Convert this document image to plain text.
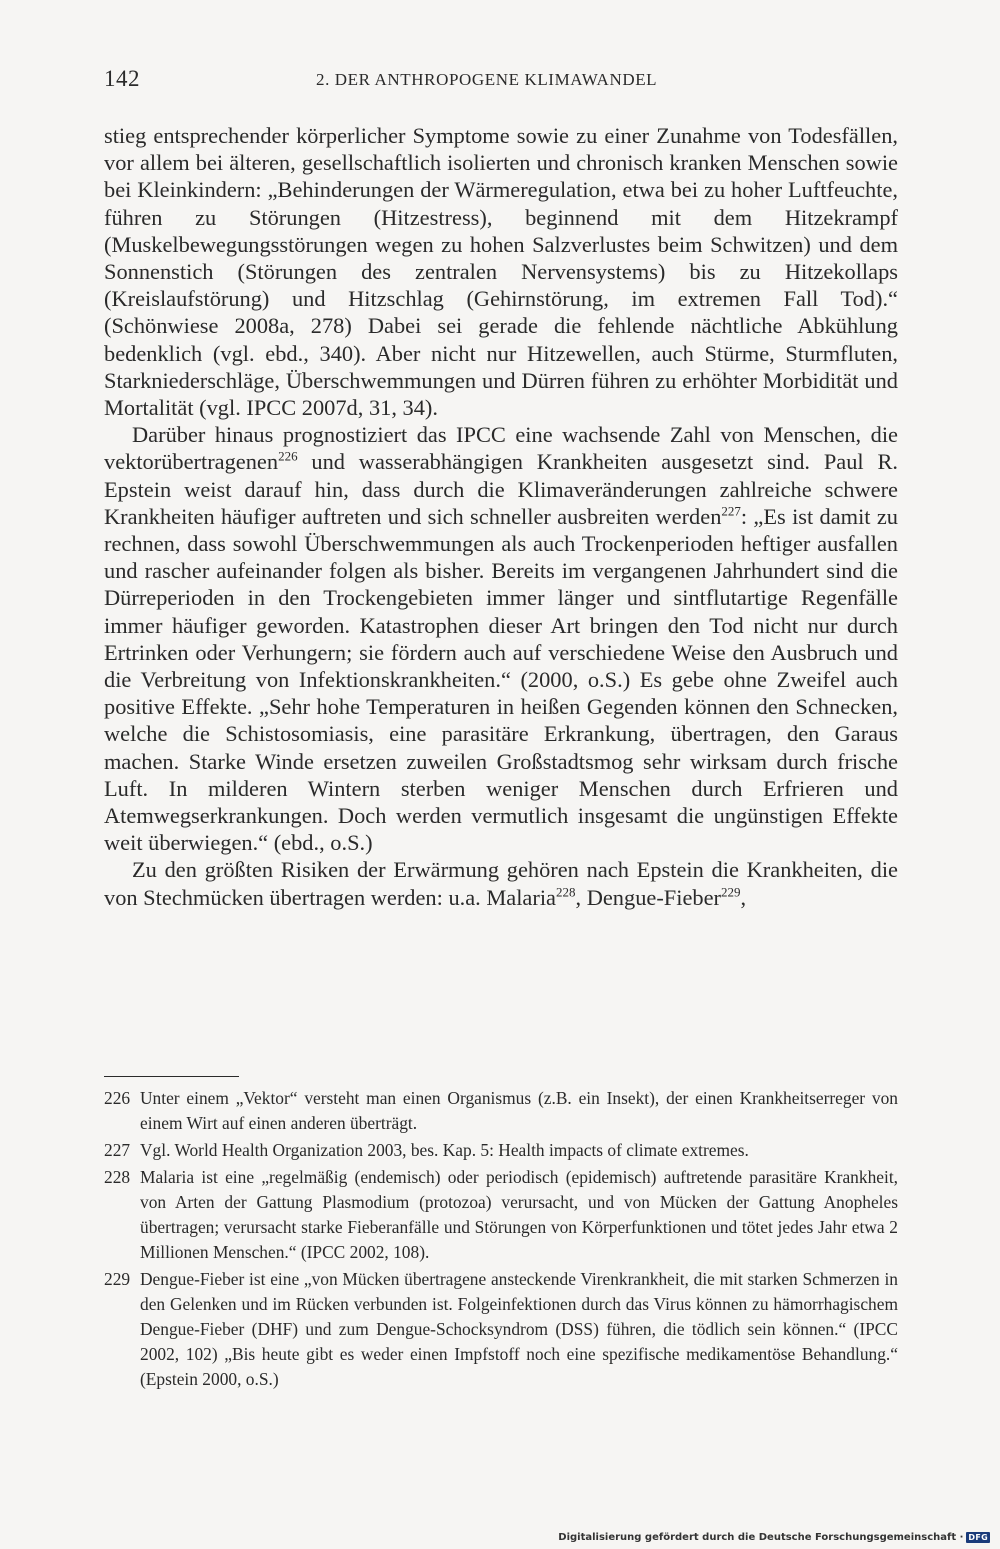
142	2. DER ANTHROPOGENE KLIMAWANDEL

stieg entsprechender körperlicher Symptome sowie zu einer Zunahme von Todesfällen, vor allem bei älteren, gesellschaftlich isolierten und chronisch kranken Menschen sowie bei Kleinkindern: „Behinderungen der Wärmeregulation, etwa bei zu hoher Luftfeuchte, führen zu Störungen (Hitzestress), beginnend mit dem Hitzekrampf (Muskelbewegungsstörungen wegen zu hohen Salzverlustes beim Schwitzen) und dem Sonnenstich (Störungen des zentralen Nervensystems) bis zu Hitzekollaps (Kreislaufstörung) und Hitzschlag (Gehirnstörung, im extremen Fall Tod).“ (Schönwiese 2008a, 278) Dabei sei gerade die fehlende nächtliche Abkühlung bedenklich (vgl. ebd., 340). Aber nicht nur Hitzewellen, auch Stürme, Sturmfluten, Starkniederschläge, Überschwemmungen und Dürren führen zu erhöhter Morbidität und Mortalität (vgl. IPCC 2007d, 31, 34).

Darüber hinaus prognostiziert das IPCC eine wachsende Zahl von Menschen, die vektorübertragenen$^{226}$ und wasserabhängigen Krankheiten ausgesetzt sind. Paul R. Epstein weist darauf hin, dass durch die Klimaveränderungen zahlreiche schwere Krankheiten häufiger auftreten und sich schneller ausbreiten werden$^{227}$: „Es ist damit zu rechnen, dass sowohl Überschwemmungen als auch Trockenperioden heftiger ausfallen und rascher aufeinander folgen als bisher. Bereits im vergangenen Jahrhundert sind die Dürreperioden in den Trockengebieten immer länger und sintflutartige Regenfälle immer häufiger geworden. Katastrophen dieser Art bringen den Tod nicht nur durch Ertrinken oder Verhungern; sie fördern auch auf verschiedene Weise den Ausbruch und die Verbreitung von Infektionskrankheiten.“ (2000, o.S.) Es gebe ohne Zweifel auch positive Effekte. „Sehr hohe Temperaturen in heißen Gegenden können den Schnecken, welche die Schistosomiasis, eine parasitäre Erkrankung, übertragen, den Garaus machen. Starke Winde ersetzen zuweilen Großstadtsmog sehr wirksam durch frische Luft. In milderen Wintern sterben weniger Menschen durch Erfrieren und Atemwegserkrankungen. Doch werden vermutlich insgesamt die ungünstigen Effekte weit überwiegen.“ (ebd., o.S.)

Zu den größten Risiken der Erwärmung gehören nach Epstein die Krankheiten, die von Stechmücken übertragen werden: u.a. Malaria$^{228}$, Dengue-Fieber$^{229}$,

226 Unter einem „Vektor“ versteht man einen Organismus (z.B. ein Insekt), der einen Krankheitserreger von einem Wirt auf einen anderen überträgt.
227 Vgl. World Health Organization 2003, bes. Kap. 5: Health impacts of climate extremes.
228 Malaria ist eine „regelmäßig (endemisch) oder periodisch (epidemisch) auftretende parasitäre Krankheit, von Arten der Gattung Plasmodium (protozoa) verursacht, und von Mücken der Gattung Anopheles übertragen; verursacht starke Fieberanfälle und Störungen von Körperfunktionen und tötet jedes Jahr etwa 2 Millionen Menschen.“ (IPCC 2002, 108).
229 Dengue-Fieber ist eine „von Mücken übertragene ansteckende Virenkrankheit, die mit starken Schmerzen in den Gelenken und im Rücken verbunden ist. Folgeinfektionen durch das Virus können zu hämorrhagischem Dengue-Fieber (DHF) und zum Dengue-Schocksyndrom (DSS) führen, die tödlich sein können.“ (IPCC 2002, 102) „Bis heute gibt es weder einen Impfstoff noch eine spezifische medikamentöse Behandlung.“ (Epstein 2000, o.S.)
Digitalisierung gefördert durch die Deutsche Forschungsgemeinschaft · DFG
